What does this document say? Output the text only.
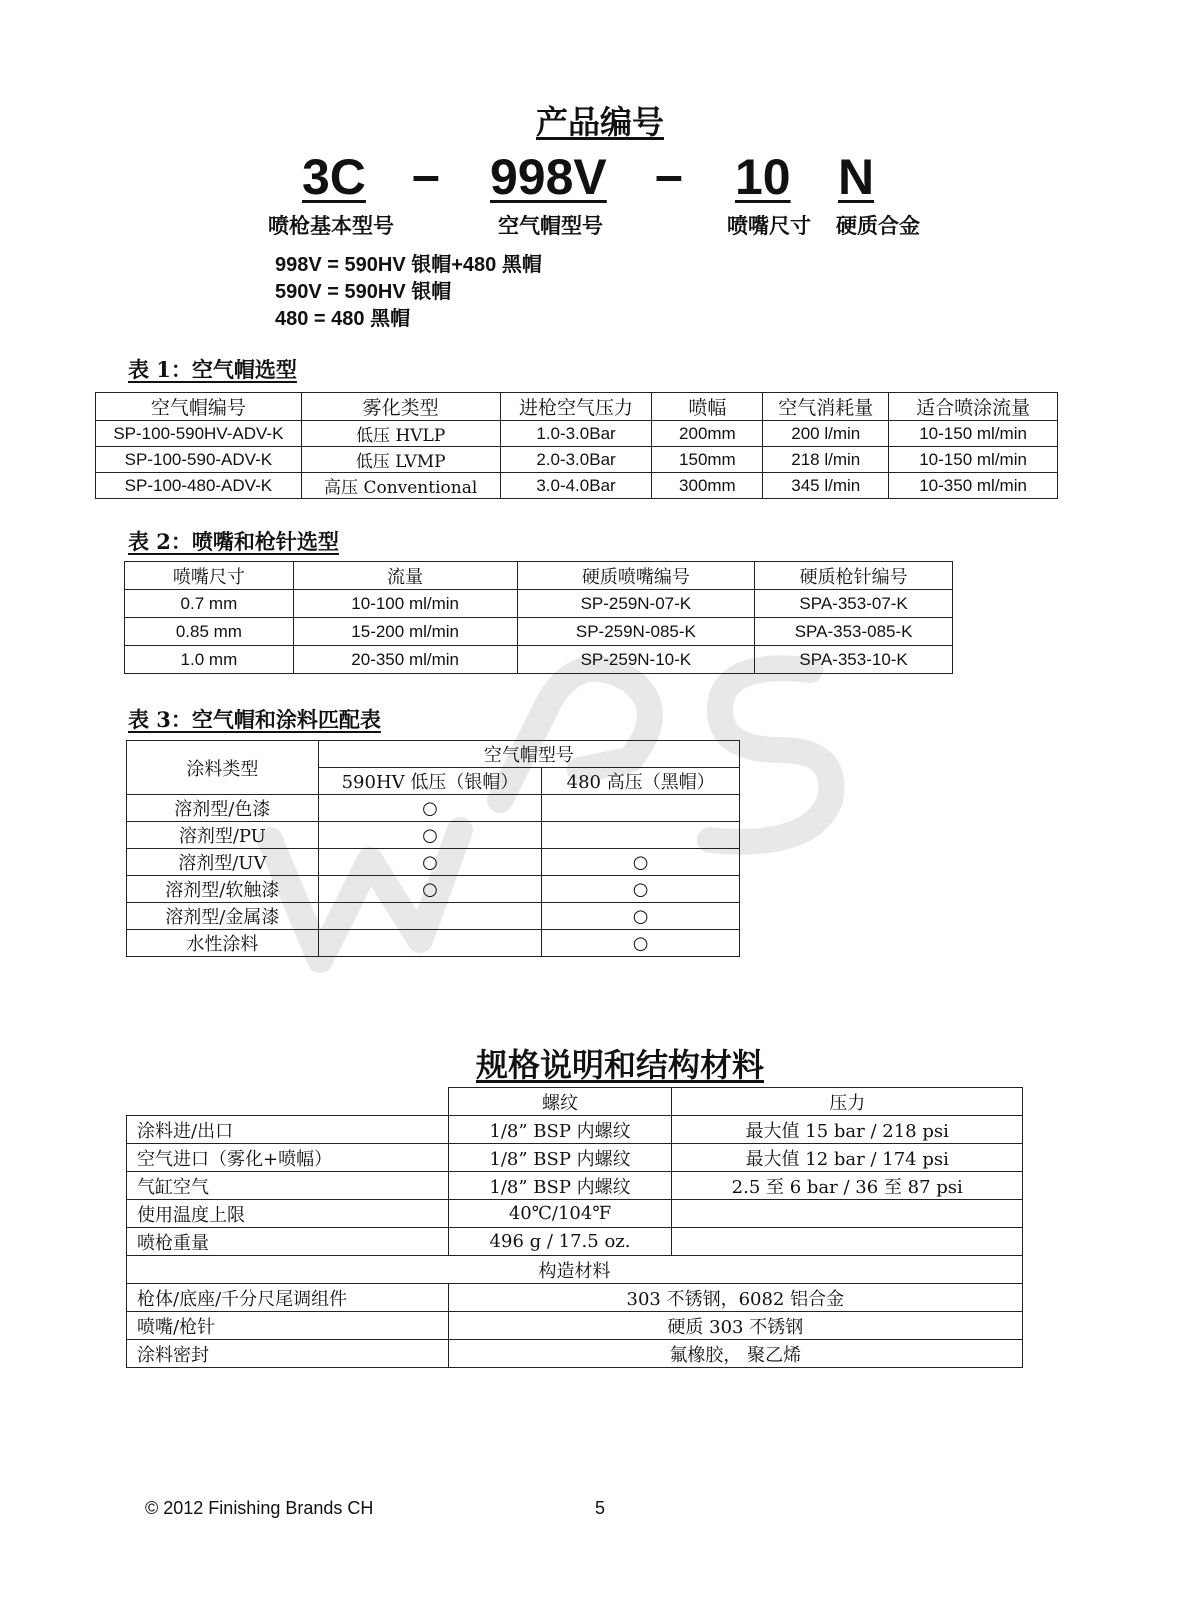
产品编号
3C – 998V – 10 N
喷枪基本型号	空气帽型号	喷嘴尺寸 硬质合金
998V = 590HV 银帽+480 黑帽
590V = 590HV 银帽
480 = 480 黑帽
表 1：空气帽选型
空气帽编号	雾化类型	进枪空气压力	喷幅	空气消耗量	适合喷涂流量
SP-100-590HV-ADV-K	低压 HVLP	1.0-3.0Bar	200mm	200 l/min	10-150 ml/min
SP-100-590-ADV-K	低压 LVMP	2.0-3.0Bar	150mm	218 l/min	10-150 ml/min
SP-100-480-ADV-K	高压 Conventional	3.0-4.0Bar	300mm	345 l/min	10-350 ml/min
表 2：喷嘴和枪针选型
喷嘴尺寸	流量	硬质喷嘴编号	硬质枪针编号
0.7 mm	10-100 ml/min	SP-259N-07-K	SPA-353-07-K
0.85 mm	15-200 ml/min	SP-259N-085-K	SPA-353-085-K
1.0 mm	20-350 ml/min	SP-259N-10-K	SPA-353-10-K
表 3：空气帽和涂料匹配表
涂料类型	空气帽型号	
	590HV 低压（银帽）	480 高压（黑帽）
溶剂型/色漆	○	
溶剂型/PU	○	
溶剂型/UV	○	○
溶剂型/软触漆	○	○
溶剂型/金属漆		○
水性涂料		○
规格说明和结构材料
	螺纹	压力
涂料进/出口	1/8” BSP 内螺纹	最大值 15 bar / 218 psi
空气进口（雾化+喷幅）	1/8” BSP 内螺纹	最大值 12 bar / 174 psi
气缸空气	1/8” BSP 内螺纹	2.5 至 6 bar / 36 至 87 psi
使用温度上限	40℃/104℉	
喷枪重量	496 g / 17.5 oz.	
构造材料		
枪体/底座/千分尺尾调组件	303 不锈钢，6082 铝合金	
喷嘴/枪针	硬质 303 不锈钢	
涂料密封	氟橡胶， 聚乙烯	
© 2012 Finishing Brands CH	5
